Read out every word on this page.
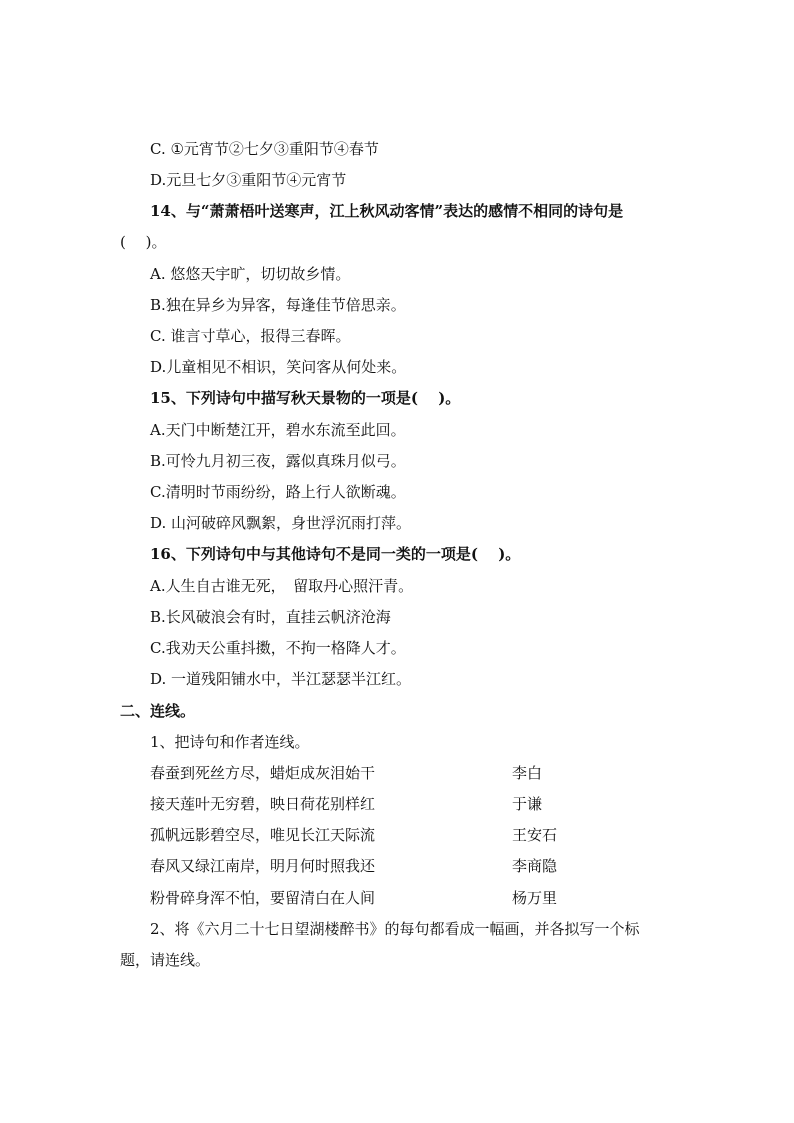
C. ①元宵节②七夕③重阳节④春节
D.元旦七夕③重阳节④元宵节
14、与“萧萧梧叶送寒声，江上秋风动客情”表达的感情不相同的诗句是
(　 )。
A. 悠悠天宇旷，切切故乡情。
B.独在异乡为异客，每逢佳节倍思亲。
C. 谁言寸草心，报得三春晖。
D.儿童相见不相识，笑问客从何处来。
15、下列诗句中描写秋天景物的一项是(　 )。
A.天门中断楚江开，碧水东流至此回。
B.可怜九月初三夜，露似真珠月似弓。
C.清明时节雨纷纷，路上行人欲断魂。
D. 山河破碎风飘絮，身世浮沉雨打萍。
16、下列诗句中与其他诗句不是同一类的一项是(　 )。
A.人生自古谁无死，　留取丹心照汗青。
B.长风破浪会有时，直挂云帆济沧海
C.我劝天公重抖擞，不拘一格降人才。
D. 一道残阳铺水中，半江瑟瑟半江红。
二、连线。
1、把诗句和作者连线。
春蚕到死丝方尽，蜡炬成灰泪始干	李白
接天莲叶无穷碧，映日荷花别样红	于谦
孤帆远影碧空尽，唯见长江天际流	王安石
春风又绿江南岸，明月何时照我还	李商隐
粉骨碎身浑不怕，要留清白在人间	杨万里
2、将《六月二十七日望湖楼醉书》的每句都看成一幅画，并各拟写一个标
题，请连线。
